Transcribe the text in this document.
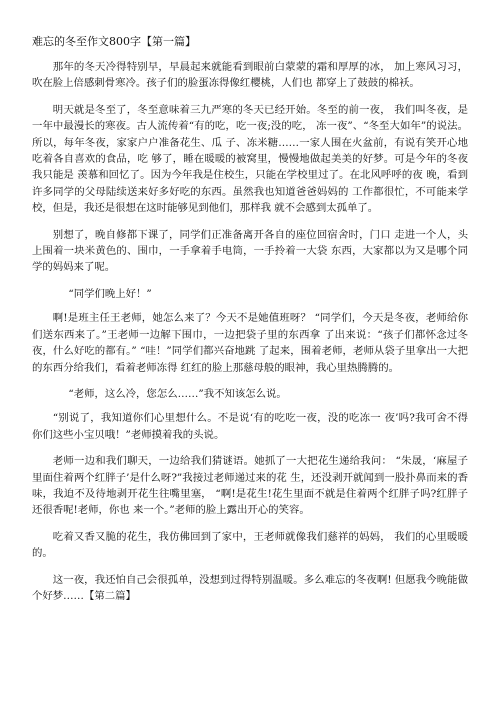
难忘的冬至作文800字【第一篇】

那年的冬天冷得特别早，早晨起来就能看到眼前白蒙蒙的霜和厚厚的冰， 加上寒风习习，吹在脸上倍感刺骨寒冷。孩子们的脸蛋冻得像红樱桃，人们也 都穿上了鼓鼓的棉袄。

明天就是冬至了，冬至意味着三九严寒的冬天已经开始。冬至的前一夜， 我们叫冬夜，是一年中最漫长的寒夜。古人流传着“有的吃，吃一夜;没的吃， 冻一夜”、“冬至大如年”的说法。所以，每年冬夜，家家户户准备花生、瓜 子、冻米糖……一家人围在火盆前，有说有笑开心地吃着各自喜欢的食品，吃 够了，睡在暖暖的被窝里，慢慢地做起美美的好梦。可是今年的冬夜我只能是 羡慕和回忆了。因为今年我是住校生，只能在学校里过了。在北风呼呼的夜 晚，看到许多同学的父母陆续送来好多好吃的东西。虽然我也知道爸爸妈妈的 工作都很忙，不可能来学校，但是，我还是很想在这时能够见到他们，那样我 就不会感到太孤单了。

别想了，晚自修都下课了，同学们正准备离开各自的座位回宿舍时，门口 走进一个人，头上围着一块米黄色的、围巾，一手拿着手电筒，一手拎着一大袋 东西，大家都以为又是哪个同学的妈妈来了呢。

“同学们晚上好！”

啊!是班主任王老师，她怎么来了？今天不是她值班呀？ “同学们，今天是冬夜，老师给你们送东西来了。”王老师一边解下围巾，一边把袋子里的东西拿 了出来说：“孩子们都怀念过冬夜，什么好吃的都有。” “哇！”同学们都兴奋地跳 了起来，围着老师，老师从袋子里拿出一大把的东西分给我们，看着老师冻得 红红的脸上那慈母般的眼神，我心里热腾腾的。

“老师，这么冷，您怎么……”我不知该怎么说。

“别说了，我知道你们心里想什么。不是说‘有的吃吃一夜，没的吃冻一 夜’吗?我可舍不得你们这些小宝贝哦！”老师摸着我的头说。

老师一边和我们聊天，一边给我们猜谜语。她抓了一大把花生递给我问： “朱晟，‘麻屋子里面住着两个红胖子’是什么呀?”我接过老师递过来的花 生，还没剥开就闻到一股扑鼻而来的香味，我迫不及待地剥开花生往嘴里塞， “啊!是花生!花生里面不就是住着两个红胖子吗?红胖子还很香呢!老师，你也 来一个。”老师的脸上露出开心的笑容。

吃着又香又脆的花生，我仿佛回到了家中，王老师就像我们慈祥的妈妈， 我们的心里暖暖的。

这一夜，我还怕自己会很孤单，没想到过得特别温暖。多么难忘的冬夜啊! 但愿我今晚能做个好梦……【第二篇】
